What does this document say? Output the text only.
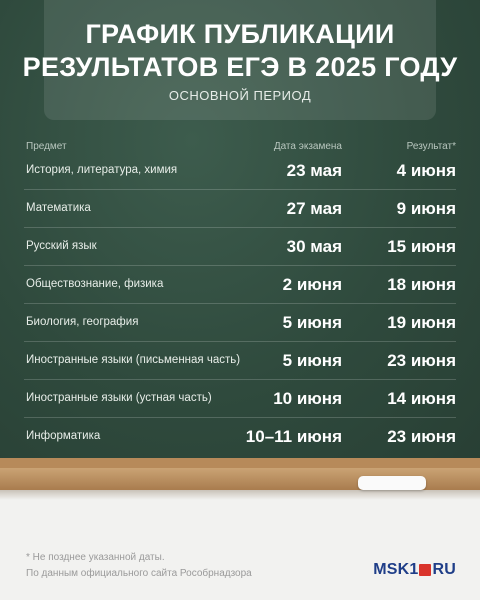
ГРАФИК ПУБЛИКАЦИИ
РЕЗУЛЬТАТОВ ЕГЭ В 2025 ГОДУ
ОСНОВНОЙ ПЕРИОД
Предмет	Дата экзамена	Результат*
История, литература, химия	23 мая	4 июня
Математика	27 мая	9 июня
Русский язык	30 мая	15 июня
Обществознание, физика	2 июня	18 июня
Биология, география	5 июня	19 июня
Иностранные языки (письменная часть)	5 июня	23 июня
Иностранные языки (устная часть)	10 июня	14 июня
Информатика	10–11 июня	23 июня
* Не позднее указанной даты.
По данным официального сайта Рособрнадзора	MSK1 RU
